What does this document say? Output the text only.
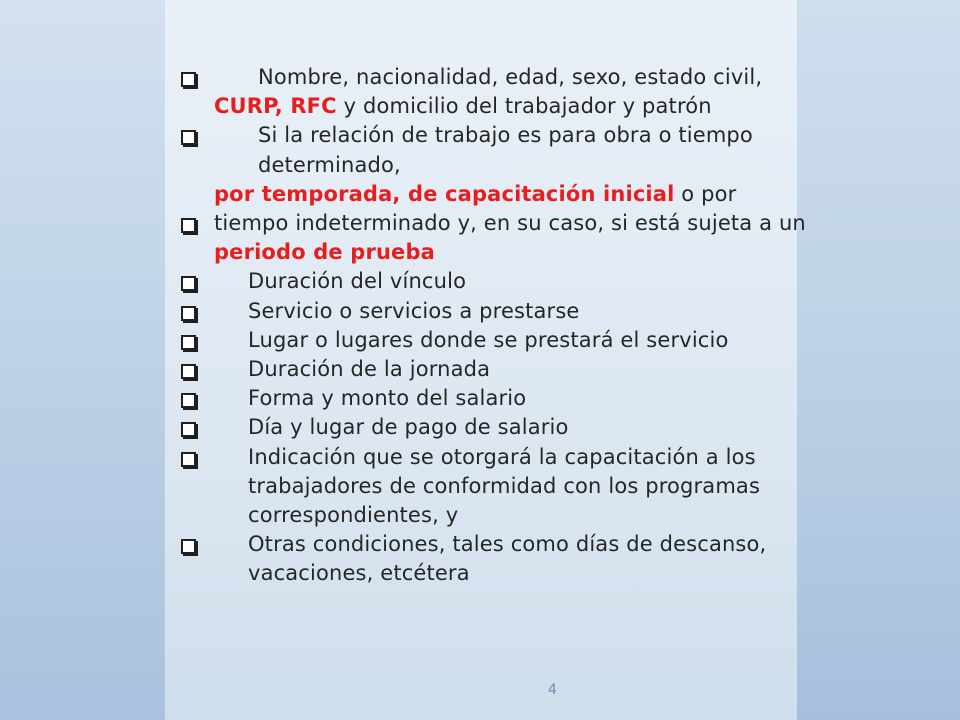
Nombre, nacionalidad, edad, sexo, estado civil,CURP, RFC y domicilio del trabajador y patrón
Si la relación de trabajo es para obra o tiempo determinado,por temporada, de capacitación inicial o por
tiempo indeterminado y, en su caso, si está sujeta a un periodo de prueba
Duración del vínculo
Servicio o servicios a prestarse
Lugar o lugares donde se prestará el servicio
Duración de la jornada
Forma y monto del salario
Día y lugar de pago de salario
Indicación que se otorgará la capacitación a los trabajadores de conformidad con los programas correspondientes, y
Otras condiciones, tales como días de descanso, vacaciones, etcétera
4
